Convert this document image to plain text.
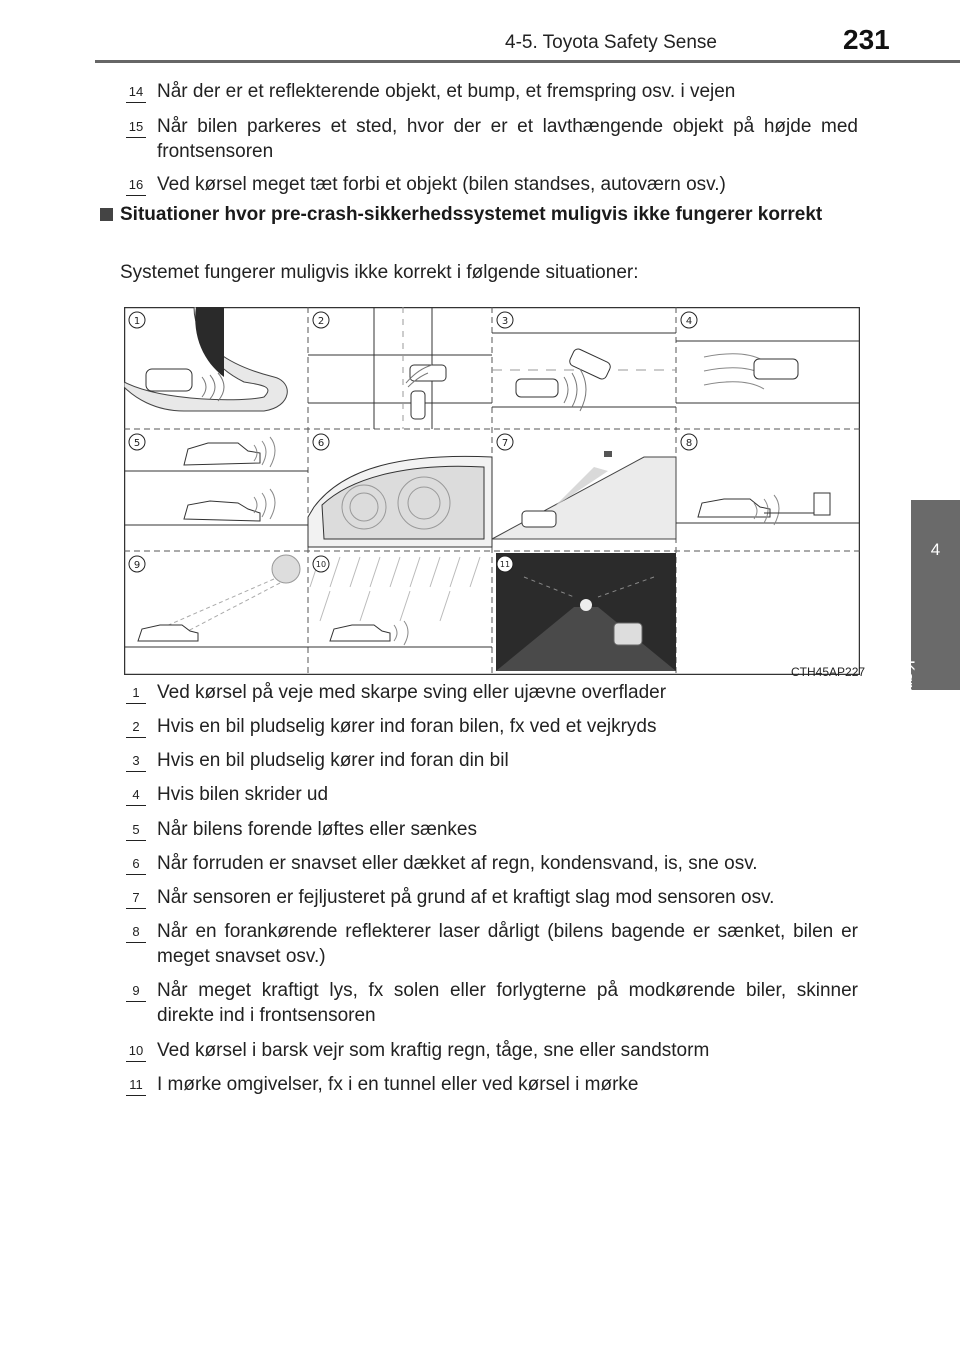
4-5. Toyota Safety Sense	231
4
Kørsel
14 Når der er et reflekterende objekt, et bump, et fremspring osv. i vejen
15 Når bilen parkeres et sted, hvor der er et lavthængende objekt på højde med frontsensoren
16 Ved kørsel meget tæt forbi et objekt (bilen standses, autoværn osv.)
Situationer hvor pre-crash-sikkerhedssystemet muligvis ikke fungerer korrekt
Systemet fungerer muligvis ikke korrekt i følgende situationer:
1	2	3	4
5	6	7	8
9	10	11
CTH45AP227
1 Ved kørsel på veje med skarpe sving eller ujævne overflader
2 Hvis en bil pludselig kører ind foran bilen, fx ved et vejkryds
3 Hvis en bil pludselig kører ind foran din bil
4 Hvis bilen skrider ud
5 Når bilens forende løftes eller sænkes
6 Når forruden er snavset eller dækket af regn, kondensvand, is, sne osv.
7 Når sensoren er fejljusteret på grund af et kraftigt slag mod sensoren osv.
8 Når en forankørende reflekterer laser dårligt (bilens bagende er sænket, bilen er meget snavset osv.)
9 Når meget kraftigt lys, fx solen eller forlygterne på modkørende biler, skinner direkte ind i frontsensoren
10 Ved kørsel i barsk vejr som kraftig regn, tåge, sne eller sandstorm
11 I mørke omgivelser, fx i en tunnel eller ved kørsel i mørke
